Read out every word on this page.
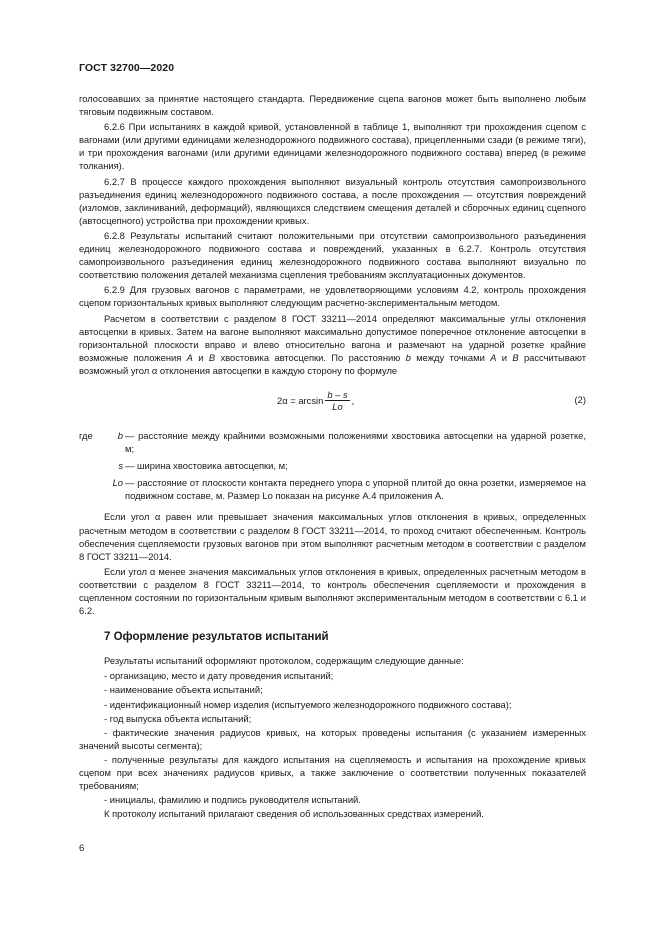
ГОСТ 32700—2020

голосовавших за принятие настоящего стандарта. Передвижение сцепа вагонов может быть выполнено любым тяговым подвижным составом.

6.2.6 При испытаниях в каждой кривой, установленной в таблице 1, выполняют три прохождения сцепом с вагонами (или другими единицами железнодорожного подвижного состава), прицепленными сзади (в режиме тяги), и три прохождения вагонами (или другими единицами железнодорожного подвижного состава) вперед (в режиме толкания).

6.2.7 В процессе каждого прохождения выполняют визуальный контроль отсутствия самопроизвольного разъединения единиц железнодорожного подвижного состава, а после прохождения — отсутствия повреждений (изломов, заклиниваний, деформаций), являющихся следствием смещения деталей и сборочных единиц сцепного (автосцепного) устройства при прохождении кривых.

6.2.8 Результаты испытаний считают положительными при отсутствии самопроизвольного разъединения единиц железнодорожного подвижного состава и повреждений, указанных в 6.2.7. Контроль отсутствия самопроизвольного разъединения единиц железнодорожного подвижного состава выполняют визуально по соответствию положения деталей механизма сцепления требованиям эксплуатационных документов.

6.2.9 Для грузовых вагонов с параметрами, не удовлетворяющими условиям 4.2, контроль прохождения сцепом горизонтальных кривых выполняют следующим расчетно-экспериментальным методом.

Расчетом в соответствии с разделом 8 ГОСТ 33211—2014 определяют максимальные углы отклонения автосцепки в кривых. Затем на вагоне выполняют максимально допустимое поперечное отклонение автосцепки в горизонтальной плоскости вправо и влево относительно вагона и размечают на ударной розетке крайние возможные положения А и В хвостовика автосцепки. По расстоянию b между точками А и В рассчитывают возможный угол α отклонения автосцепки в каждую сторону по формуле

$2\alpha = \arcsin \frac{b - s}{Lo}$ ,	(2)
где	b — расстояние между крайними возможными положениями хвостовика автосцепки на ударной розетке, м;
s — ширина хвостовика автосцепки, м;
Lo — расстояние от плоскости контакта переднего упора с упорной плитой до окна розетки, измеряемое на подвижном составе, м. Размер Lo показан на рисунке А.4 приложения А.

Если угол α равен или превышает значения максимальных углов отклонения в кривых, определенных расчетным методом в соответствии с разделом 8 ГОСТ 33211—2014, то проход считают обеспеченным. Контроль обеспечения сцепляемости грузовых вагонов при этом выполняют расчетным методом в соответствии с разделом 8 ГОСТ 33211—2014.

Если угол α менее значения максимальных углов отклонения в кривых, определенных расчетным методом в соответствии с разделом 8 ГОСТ 33211—2014, то контроль обеспечения сцепляемости и прохождения в сцепленном состоянии по горизонтальным кривым выполняют экспериментальным методом в соответствии с 6.1 и 6.2.

7 Оформление результатов испытаний

Результаты испытаний оформляют протоколом, содержащим следующие данные:

- организацию, место и дату проведения испытаний;

- наименование объекта испытаний;

- идентификационный номер изделия (испытуемого железнодорожного подвижного состава);

- год выпуска объекта испытаний;

- фактические значения радиусов кривых, на которых проведены испытания (с указанием измеренных значений высоты сегмента);

- полученные результаты для каждого испытания на сцепляемость и испытания на прохождение кривых сцепом при всех значениях радиусов кривых, а также заключение о соответствии полученных показателей требованиям;

- инициалы, фамилию и подпись руководителя испытаний.

К протоколу испытаний прилагают сведения об использованных средствах измерений.

6
